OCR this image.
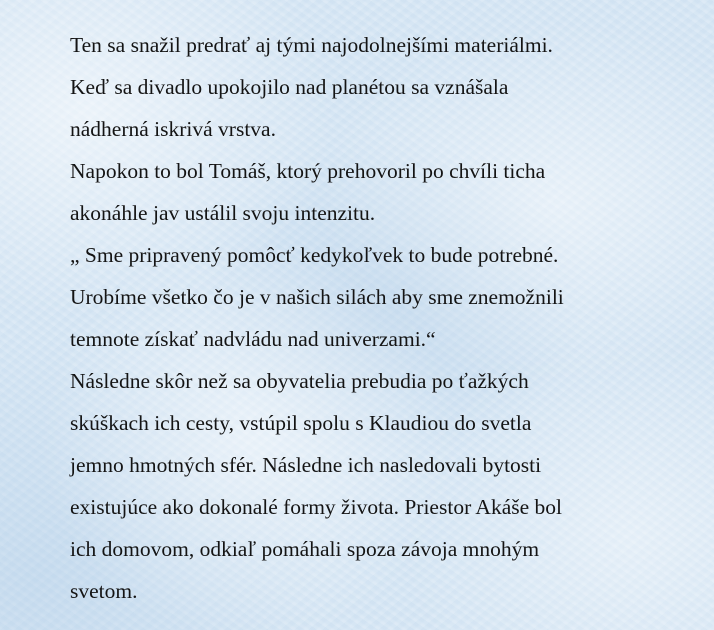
Ten sa snažil predrať aj tými najodolnejšími materiálmi.
Keď sa divadlo upokojilo nad planétou sa vznášala
nádherná iskrivá vrstva.
Napokon to bol Tomáš, ktorý prehovoril po chvíli ticha
akonáhle jav ustálil svoju intenzitu.
„ Sme pripravený pomôcť kedykoľvek to bude potrebné.
Urobíme všetko čo je v našich silách aby sme znemožnili
temnote získať nadvládu nad univerzami.“
Následne skôr než sa obyvatelia prebudia po ťažkých
skúškach ich cesty, vstúpil spolu s Klaudiou do svetla
jemno hmotných sfér. Následne ich nasledovali bytosti
existujúce ako dokonalé formy života. Priestor Akáše bol
ich domovom, odkiaľ pomáhali spoza závoja mnohým
svetom.
